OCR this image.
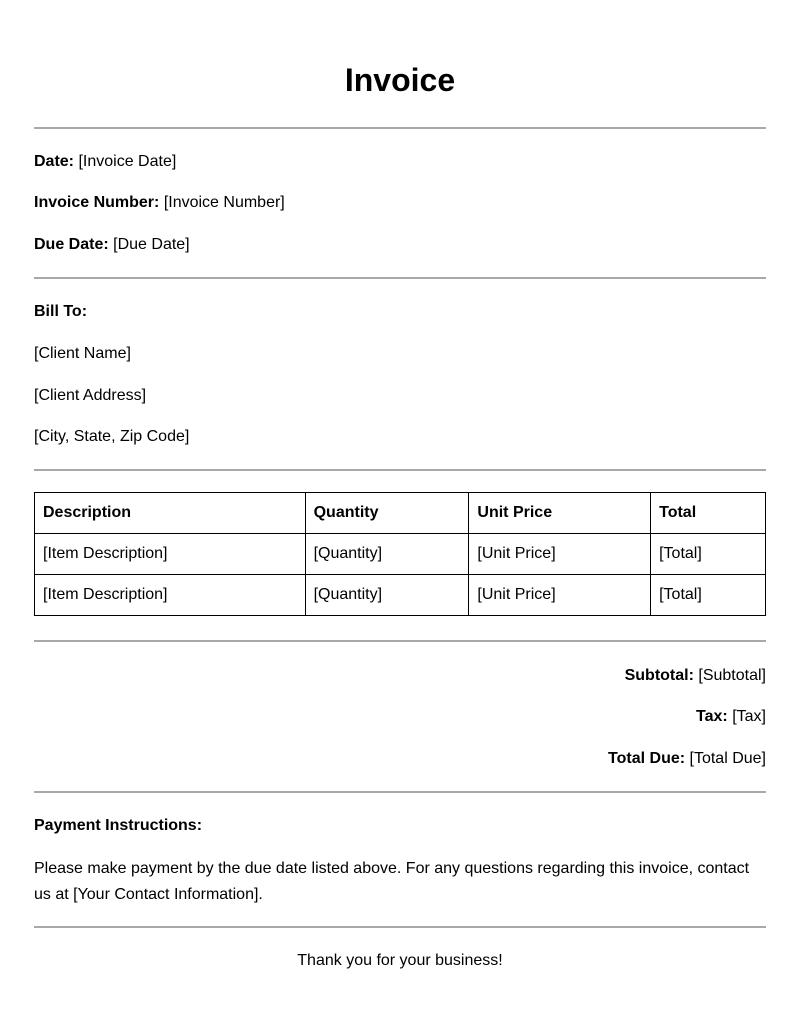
Invoice
Date: [Invoice Date]
Invoice Number: [Invoice Number]
Due Date: [Due Date]
Bill To:
[Client Name]
[Client Address]
[City, State, Zip Code]
Description	Quantity	Unit Price	Total
[Item Description]	[Quantity]	[Unit Price]	[Total]
[Item Description]	[Quantity]	[Unit Price]	[Total]
Subtotal: [Subtotal]
Tax: [Tax]
Total Due: [Total Due]
Payment Instructions:
Please make payment by the due date listed above. For any questions regarding this invoice, contact us at [Your Contact Information].
Thank you for your business!
